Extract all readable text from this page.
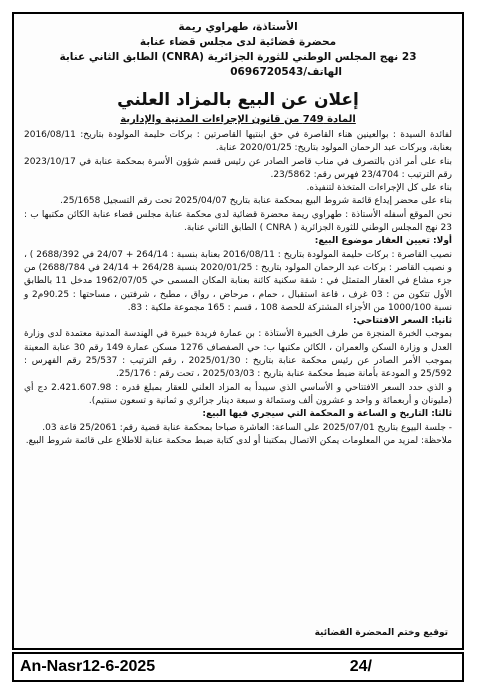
الأستاذة، طهراوي ريمة
محضرة قضائية لدى مجلس قضاء عنابة
23 نهج المجلس الوطني للثورة الجزائرية (CNRA) الطابق الثاني عنابة
الهاتف/0696720543
إعلان عن البيع بالمزاد العلني
المادة 749 من قانون الإجراءات المدنية والإدارية

لفائدة السيدة : بوالعينين هناء القاصرة في حق ابنتيها القاصرتين : بركات حليمة المولودة بتاريخ: 2016/08/11 بعنابة، وبركات عبد الرحمان المولود بتاريخ: 2020/01/25 عنابة.

بناء على أمر اذن بالتصرف في مناب قاصر الصادر عن رئيس قسم شؤون الأسرة بمحكمة عنابة في 2023/10/17 رقم الترتيب : 23/4704 فهرس رقم: 23/5862.

بناء على كل الإجراءات المتخذة لتنفيذه.

بناء على محضر إيداع قائمة شروط البيع بمحكمة عنابة بتاريخ 2025/04/07 تحت رقم التسجيل 25/1658.

نحن الموقع أسفله الأستاذة : طهراوي ريمة محضرة قضائية لدى محكمة عنابة مجلس قضاء عنابة الكائن مكتبها ب : 23 نهج المجلس الوطني للثورة الجزائرية ( CNRA ) الطابق الثاني عنابة.

أولا: تعيين العقار موضوع البيع:

نصيب القاصرة : بركات حليمة المولودة بتاريخ : 2016/08/11 بعنابة بنسبة : 264/14 + 24/07 في 2688/392 ) ، و نصيب القاصر : بركات عبد الرحمان المولود بتاريخ : 2020/01/25 بنسبة 264/28 + 24/14 في 2688/784) من جزء مشاع في العقار المتمثل في : شقة سكنية كائنة بعنابة المكان المسمى حي 1962/07/05 مدخل 11 بالطابق الأول تتكون من : 03 غرف ، قاعة استقبال ، حمام ، مرحاض ، رواق ، مطبخ ، شرفتين ، مساحتها : 90.25م2 و نسبة 1000/100 من الأجزاء المشتركة للحصة 108 ، قسم : 165 مجموعة ملكية : 83.

ثانيا: السعر الافتتاحي:

بموجب الخبرة المنجزة من طرف الخبيرة الأستاذة : بن عمارة فريدة خبيرة في الهندسة المدنية معتمدة لدى وزارة العدل و وزارة السكن والعمران ، الكائن مكتبها ب: حي الصفصاف 1276 مسكن عمارة 149 رقم 30 عنابة المعينة بموجب الأمر الصادر عن رئيس محكمة عنابة بتاريخ : 2025/01/30 ، رقم الترتيب : 25/537 رقم الفهرس : 25/592 و المودعة بأمانة ضبط محكمة عنابة بتاريخ : 2025/03/03 ، تحت رقم : 25/176.

و الذي حدد السعر الافتتاحي و الأساسي الذي سيبدأ به المزاد العلني للعقار بمبلغ قدره : 2.421.607.98 دج أي (مليونان و أربعمائة و واحد و عشرون ألف وستمائة و سبعة دينار جزائري و ثمانية و تسعون سنتيم).

ثالثا: التاريخ و الساعة و المحكمة التي سيجري فيها البيع:

- جلسة البيوع بتاريخ 2025/07/01 على الساعة: العاشرة صباحا بمحكمة عنابة قضية رقم: 25/2061 قاعة 03.

ملاحظة: لمزيد من المعلومات يمكن الاتصال بمكتبنا أو لدى كتابة ضبط محكمة عنابة للاطلاع على قائمة شروط البيع.

توقيع وختم المحضرة القضائية
An-Nasr12-6-2025	24/
